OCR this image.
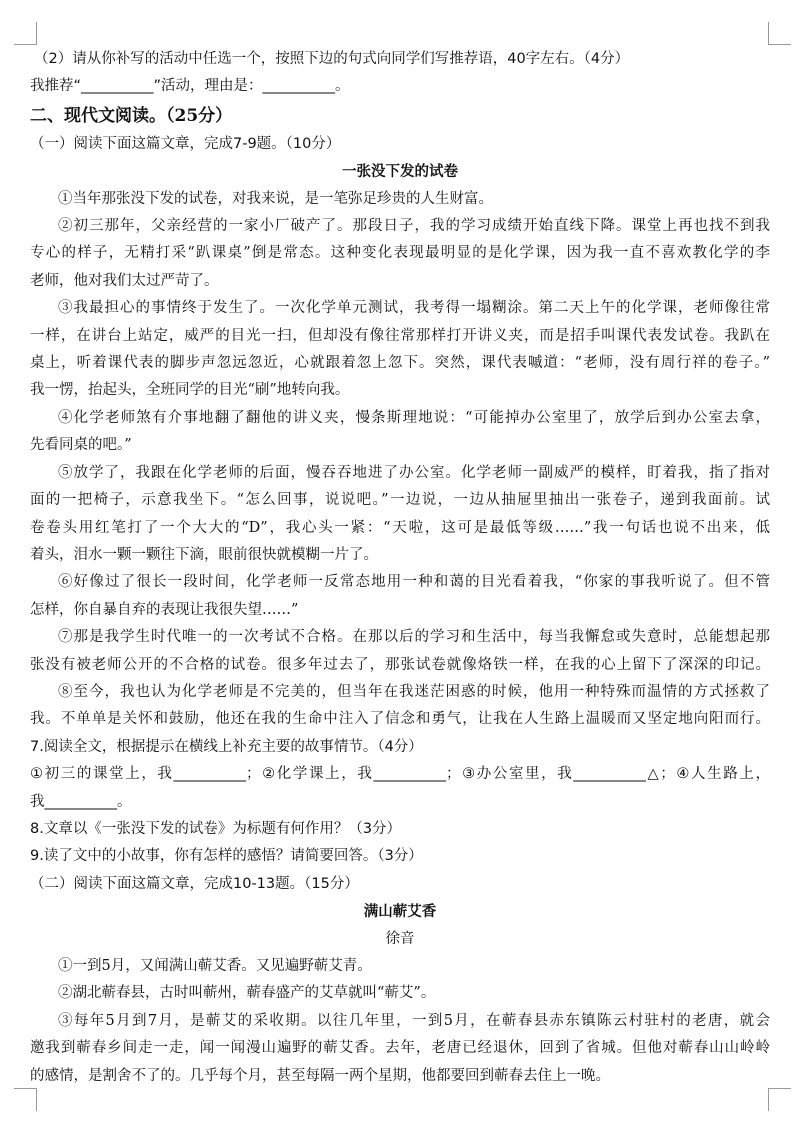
（2）请从你补写的活动中任选一个，按照下边的句式向同学们写推荐语，40字左右。（4分）
我推荐“__________”活动，理由是：__________。
二、现代文阅读。（25分）
（一）阅读下面这篇文章，完成7-9题。（10分）
一张没下发的试卷
①当年那张没下发的试卷，对我来说，是一笔弥足珍贵的人生财富。
②初三那年，父亲经营的一家小厂破产了。那段日子，我的学习成绩开始直线下降。课堂上再也找不到我
专心的样子，无精打采“趴课桌”倒是常态。这种变化表现最明显的是化学课，因为我一直不喜欢教化学的李
老师，他对我们太过严苛了。
③我最担心的事情终于发生了。一次化学单元测试，我考得一塌糊涂。第二天上午的化学课，老师像往常
一样，在讲台上站定，威严的目光一扫，但却没有像往常那样打开讲义夹，而是招手叫课代表发试卷。我趴在
桌上，听着课代表的脚步声忽远忽近，心就跟着忽上忽下。突然，课代表嘁道：“老师，没有周行祥的卷子。”
我一愣，抬起头，全班同学的目光“刷”地转向我。
④化学老师煞有介事地翻了翻他的讲义夹，慢条斯理地说：“可能掉办公室里了，放学后到办公室去拿，
先看同桌的吧。”
⑤放学了，我跟在化学老师的后面，慢吞吞地进了办公室。化学老师一副威严的模样，盯着我，指了指对
面的一把椅子，示意我坐下。“怎么回事，说说吧。”一边说，一边从抽屉里抽出一张卷子，递到我面前。试
卷卷头用红笔打了一个大大的“D”，我心头一紧：“天啦，这可是最低等级……”我一句话也说不出来，低
着头，泪水一颗一颗往下滴，眼前很快就模糊一片了。
⑥好像过了很长一段时间，化学老师一反常态地用一种和蔼的目光看着我，“你家的事我听说了。但不管
怎样，你自暴自弃的表现让我很失望……”
⑦那是我学生时代唯一的一次考试不合格。在那以后的学习和生活中，每当我懈怠或失意时，总能想起那
张没有被老师公开的不合格的试卷。很多年过去了，那张试卷就像烙铁一样，在我的心上留下了深深的印记。
⑧至今，我也认为化学老师是不完美的，但当年在我迷茫困惑的时候，他用一种特殊而温情的方式拯救了
我。不单单是关怀和鼓励，他还在我的生命中注入了信念和勇气，让我在人生路上温暖而又坚定地向阳而行。
7.阅读全文，根据提示在横线上补充主要的故事情节。（4分）
①初三的课堂上，我__________；②化学课上，我__________；③办公室里，我__________△；④人生路上，
我__________。
8.文章以《一张没下发的试卷》为标题有何作用？（3分）
9.读了文中的小故事，你有怎样的感悟？请简要回答。（3分）
（二）阅读下面这篇文章，完成10-13题。（15分）
满山蕲艾香
徐音
①一到5月，又闻满山蕲艾香。又见遍野蕲艾青。
②湖北蕲春县，古时叫蕲州，蕲春盛产的艾草就叫“蕲艾”。
③每年5月到7月，是蕲艾的采收期。以往几年里，一到5月，在蕲春县赤东镇陈云村驻村的老唐，就会
邀我到蕲春乡间走一走，闻一闻漫山遍野的蕲艾香。去年，老唐已经退休，回到了省城。但他对蕲春山山岭岭
的感情，是割舍不了的。几乎每个月，甚至每隔一两个星期，他都要回到蕲春去住上一晚。
